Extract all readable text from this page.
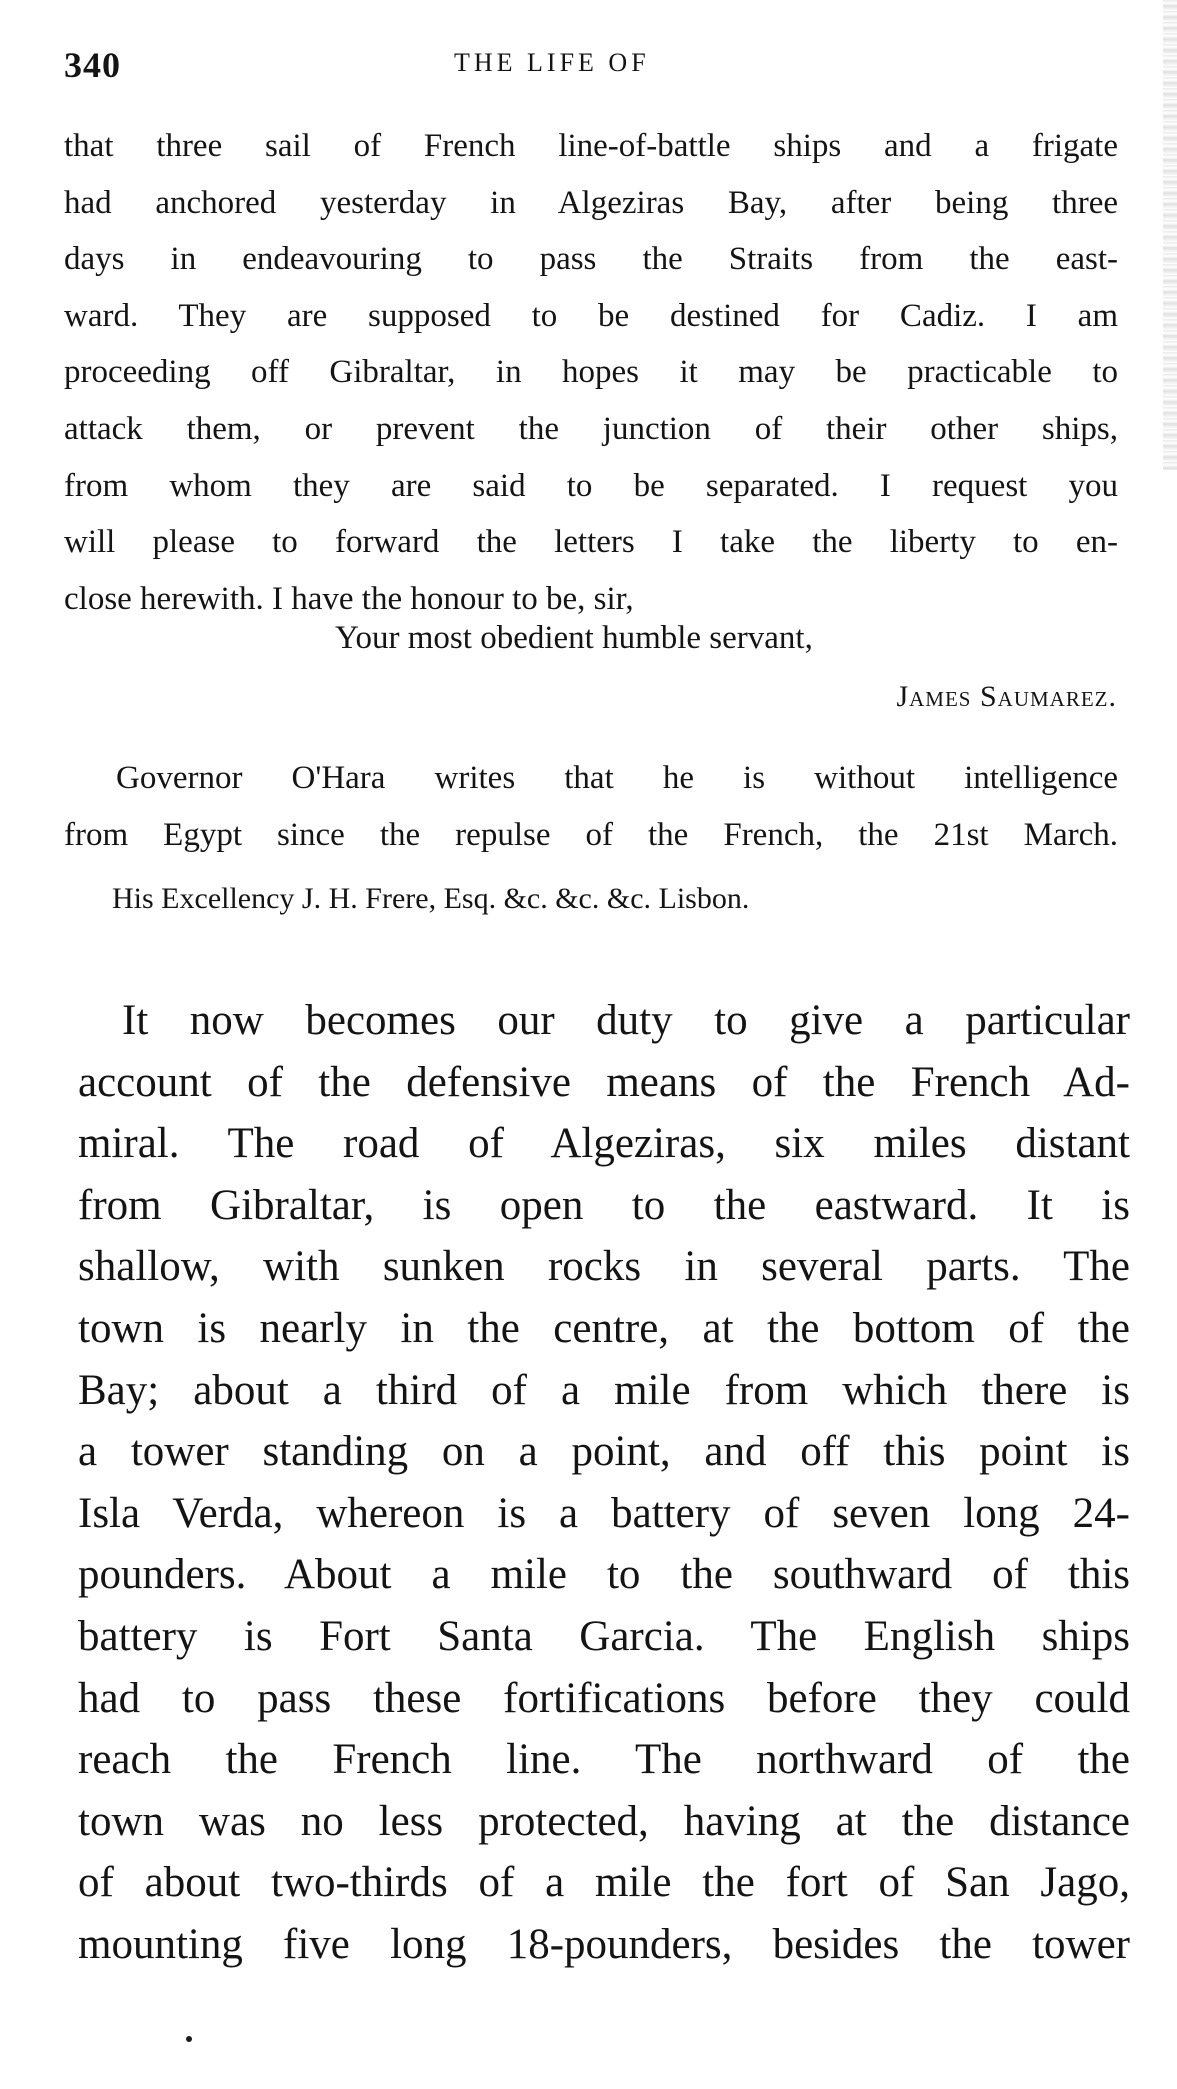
340	THE LIFE OF
that three sail of French line-of-battle ships and a frigate
had anchored yesterday in Algeziras Bay, after being three
days in endeavouring to pass the Straits from the east-
ward. They are supposed to be destined for Cadiz. I am
proceeding off Gibraltar, in hopes it may be practicable to
attack them, or prevent the junction of their other ships,
from whom they are said to be separated. I request you
will please to forward the letters I take the liberty to en-
close herewith. I have the honour to be, sir,
Your most obedient humble servant,
James Saumarez.
Governor O'Hara writes that he is without intelligence
from Egypt since the repulse of the French, the 21st March.
His Excellency J. H. Frere, Esq. &c. &c. &c. Lisbon.
It now becomes our duty to give a particular
account of the defensive means of the French Ad-
miral. The road of Algeziras, six miles distant
from Gibraltar, is open to the eastward. It is
shallow, with sunken rocks in several parts. The
town is nearly in the centre, at the bottom of the
Bay; about a third of a mile from which there is
a tower standing on a point, and off this point is
Isla Verda, whereon is a battery of seven long 24-
pounders. About a mile to the southward of this
battery is Fort Santa Garcia. The English ships
had to pass these fortifications before they could
reach the French line. The northward of the
town was no less protected, having at the distance
of about two-thirds of a mile the fort of San Jago,
mounting five long 18-pounders, besides the tower
